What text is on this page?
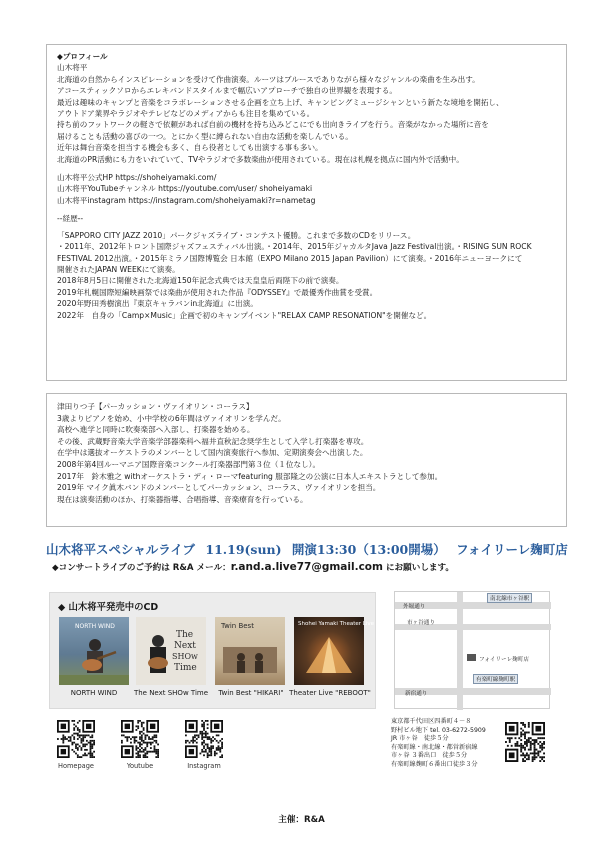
◆プロフィール

山木将平

北海道の自然からインスピレーションを受けて作曲演奏。ルーツはブルースでありながら様々なジャンルの楽曲を生み出す。
アコースティックソロからエレキバンドスタイルまで幅広いアプローチで独自の世界観を表現する。
最近は趣味のキャンプと音楽をコラボレーションさせる企画を立ち上げ、キャンピングミュージシャンという新たな境地を開拓し、
アウトドア業界やラジオやテレビなどのメディアからも注目を集めている。
持ち前のフットワークの軽さで依頼があれば自前の機材を持ち込みどこにでも出向きライブを行う。音楽がなかった場所に音を
届けることも活動の喜びの一つ。とにかく型に縛られない自由な活動を楽しんでいる。
近年は舞台音楽を担当する機会も多く、自ら役者としても出演する事も多い。
北海道のPR活動にも力をいれていて、TVやラジオで多数楽曲が使用されている。現在は札幌を拠点に国内外で活動中。
山木将平公式HP https://shoheiyamaki.com/
山木将平YouTubeチャンネル https://youtube.com/user/ shoheiyamaki
山木将平instagram https://instagram.com/shoheiyamaki?r=nametag
--経歴--
「SAPPORO CITY JAZZ 2010」パークジャズライブ・コンテスト優勝。これまで多数のCDをリリース。
・2011年、2012年トロント国際ジャズフェスティバル出演。・2014年、2015年ジャカルタJava Jazz Festival出演。・RISING SUN ROCK
FESTIVAL 2012出演。・2015年ミラノ国際博覧会 日本館（EXPO Milano 2015 Japan Pavilion）にて演奏。・2016年ニューヨークにて
開催されたJAPAN WEEKにて演奏。
2018年8月5日に開催された北海道150年記念式典では天皇皇后両陛下の前で演奏。
2019年札幌国際短編映画祭では楽曲が使用された作品『ODYSSEY』で最優秀作曲賞を受賞。
2020年野田秀樹演出『東京キャラバンin北海道』に出演。
2022年　自身の「Camp×Music」企画で初のキャンプイベント"RELAX CAMP RESONATION"を開催など。
津田りつ子【パーカッション・ヴァイオリン・コーラス】
3歳よりピアノを始め、小中学校の6年間はヴァイオリンを学んだ。
高校へ進学と同時に吹奏楽部へ入部し、打楽器を始める。
その後、武蔵野音楽大学音楽学部器楽科へ福井直秋記念奨学生として入学し打楽器を専攻。
在学中は選抜オーケストラのメンバーとして国内演奏旅行へ参加、定期演奏会へ出演した。
2008年第4回ルーマニア国際音楽コンクール打楽器部門第３位（１位なし）。
2017年　鈴木雅之 withオーケストラ・ディ・ローマfeaturing 服部隆之の公演に日本人エキストラとして参加。
2019年 マイク眞木バンドのメンバーとしてパーカッション、コーラス、ヴァイオリンを担当。
現在は演奏活動のほか、打楽器指導、合唱指導、音楽療育を行っている。
山木将平スペシャルライブ 11.19(sun) 開演13:30（13:00開場） フォイリーレ麹町店
◆コンサートライブのご予約は R&A メール：r.and.a.live77@gmail.com にお願いします。
◆ 山木将平発売中のCD
NORTH WIND
NORTH WIND
The
Next
SHOw
Time
The Next SHOw Time
Twin Best
Twin Best "HIKARI"
Shohei Yamaki Theater Live
Theater Live "REBOOT"
外堀通り
市ヶ谷通り
新宿通り
南北線市ヶ谷駅
フォイリーレ麹町店
有楽町線麹町駅
Homepage	Youtube	Instagram
東京都千代田区四番町４－８
野村ビル地下 tel. 03-6272-5909
JR 市ヶ谷　徒歩５分
有楽町線・南北線・都営新宿線
市ヶ谷 ３番出口　徒歩５分
有楽町線麹町６番出口徒歩３分
主催：R&A
